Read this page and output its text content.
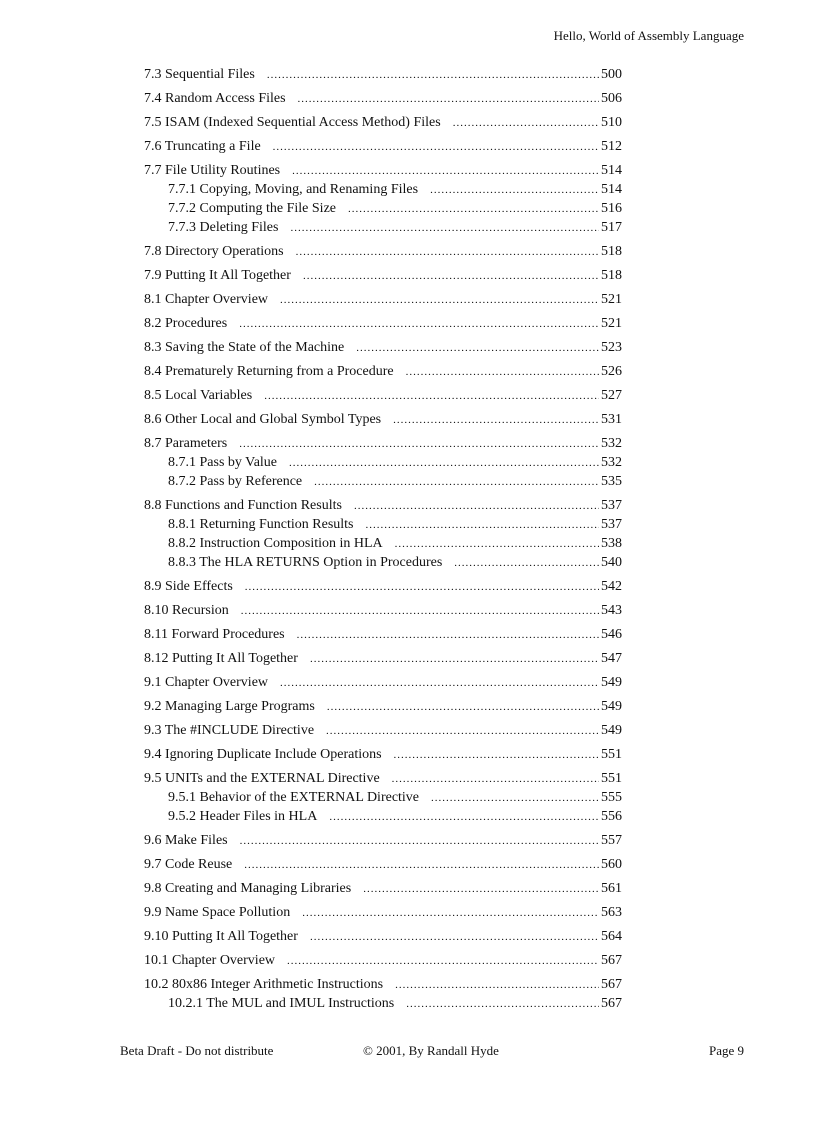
Hello, World of Assembly Language
7.3 Sequential Files .....	500
7.4 Random Access Files .....	506
7.5 ISAM (Indexed Sequential Access Method) Files .....	510
7.6 Truncating a File .....	512
7.7 File Utility Routines .....	514
7.7.1 Copying, Moving, and Renaming Files .....	514
7.7.2 Computing the File Size .....	516
7.7.3 Deleting Files .....	517
7.8 Directory Operations .....	518
7.9 Putting It All Together .....	518
8.1 Chapter Overview .....	521
8.2 Procedures .....	521
8.3 Saving the State of the Machine .....	523
8.4 Prematurely Returning from a Procedure .....	526
8.5 Local Variables .....	527
8.6 Other Local and Global Symbol Types .....	531
8.7 Parameters .....	532
8.7.1 Pass by Value .....	532
8.7.2 Pass by Reference .....	535
8.8 Functions and Function Results .....	537
8.8.1 Returning Function Results .....	537
8.8.2 Instruction Composition in HLA .....	538
8.8.3 The HLA RETURNS Option in Procedures .....	540
8.9 Side Effects .....	542
8.10 Recursion .....	543
8.11 Forward Procedures .....	546
8.12 Putting It All Together .....	547
9.1 Chapter Overview .....	549
9.2 Managing Large Programs .....	549
9.3 The #INCLUDE Directive .....	549
9.4 Ignoring Duplicate Include Operations .....	551
9.5 UNITs and the EXTERNAL Directive .....	551
9.5.1 Behavior of the EXTERNAL Directive .....	555
9.5.2 Header Files in HLA .....	556
9.6 Make Files .....	557
9.7 Code Reuse .....	560
9.8 Creating and Managing Libraries .....	561
9.9 Name Space Pollution .....	563
9.10 Putting It All Together .....	564
10.1 Chapter Overview .....	567
10.2 80x86 Integer Arithmetic Instructions .....	567
10.2.1 The MUL and IMUL Instructions .....	567
Beta Draft - Do not distribute	© 2001, By Randall Hyde	Page 9
